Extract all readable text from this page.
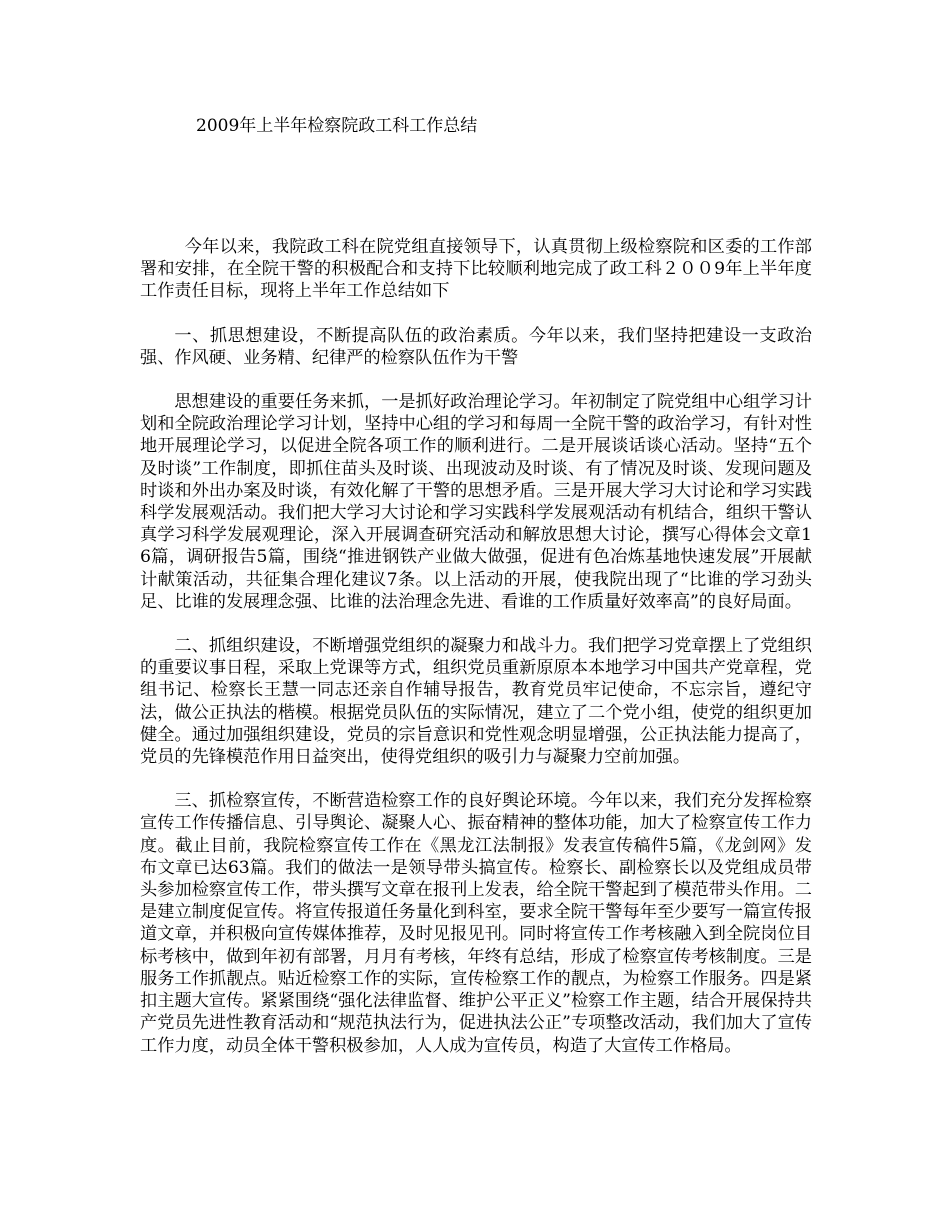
2009年上半年检察院政工科工作总结

今年以来，我院政工科在院党组直接领导下，认真贯彻上级检察院和区委的工作部署和安排，在全院干警的积极配合和支持下比较顺利地完成了政工科２００9年上半年度工作责任目标，现将上半年工作总结如下

一、抓思想建设，不断提高队伍的政治素质。今年以来，我们坚持把建设一支政治强、作风硬、业务精、纪律严的检察队伍作为干警

思想建设的重要任务来抓，一是抓好政治理论学习。年初制定了院党组中心组学习计划和全院政治理论学习计划，坚持中心组的学习和每周一全院干警的政治学习，有针对性地开展理论学习，以促进全院各项工作的顺利进行。二是开展谈话谈心活动。坚持“五个及时谈”工作制度，即抓住苗头及时谈、出现波动及时谈、有了情况及时谈、发现问题及时谈和外出办案及时谈，有效化解了干警的思想矛盾。三是开展大学习大讨论和学习实践科学发展观活动。我们把大学习大讨论和学习实践科学发展观活动有机结合，组织干警认真学习科学发展观理论，深入开展调查研究活动和解放思想大讨论，撰写心得体会文章16篇，调研报告5篇，围绕“推进钢铁产业做大做强，促进有色冶炼基地快速发展”开展献计献策活动，共征集合理化建议7条。以上活动的开展，使我院出现了“比谁的学习劲头足、比谁的发展理念强、比谁的法治理念先进、看谁的工作质量好效率高”的良好局面。

二、抓组织建设，不断增强党组织的凝聚力和战斗力。我们把学习党章摆上了党组织的重要议事日程，采取上党课等方式，组织党员重新原原本本地学习中国共产党章程，党组书记、检察长王慧一同志还亲自作辅导报告，教育党员牢记使命，不忘宗旨，遵纪守法，做公正执法的楷模。根据党员队伍的实际情况，建立了二个党小组，使党的组织更加健全。通过加强组织建设，党员的宗旨意识和党性观念明显增强，公正执法能力提高了，党员的先锋模范作用日益突出，使得党组织的吸引力与凝聚力空前加强。

三、抓检察宣传，不断营造检察工作的良好舆论环境。今年以来，我们充分发挥检察宣传工作传播信息、引导舆论、凝聚人心、振奋精神的整体功能，加大了检察宣传工作力度。截止目前，我院检察宣传工作在《黑龙江法制报》发表宣传稿件5篇，《龙剑网》发布文章已达63篇。我们的做法一是领导带头搞宣传。检察长、副检察长以及党组成员带头参加检察宣传工作，带头撰写文章在报刊上发表，给全院干警起到了模范带头作用。二是建立制度促宣传。将宣传报道任务量化到科室，要求全院干警每年至少要写一篇宣传报道文章，并积极向宣传媒体推荐，及时见报见刊。同时将宣传工作考核融入到全院岗位目标考核中，做到年初有部署，月月有考核，年终有总结，形成了检察宣传考核制度。三是服务工作抓靓点。贴近检察工作的实际，宣传检察工作的靓点，为检察工作服务。四是紧扣主题大宣传。紧紧围绕“强化法律监督、维护公平正义”检察工作主题，结合开展保持共产党员先进性教育活动和“规范执法行为，促进执法公正”专项整改活动，我们加大了宣传工作力度，动员全体干警积极参加，人人成为宣传员，构造了大宣传工作格局。
